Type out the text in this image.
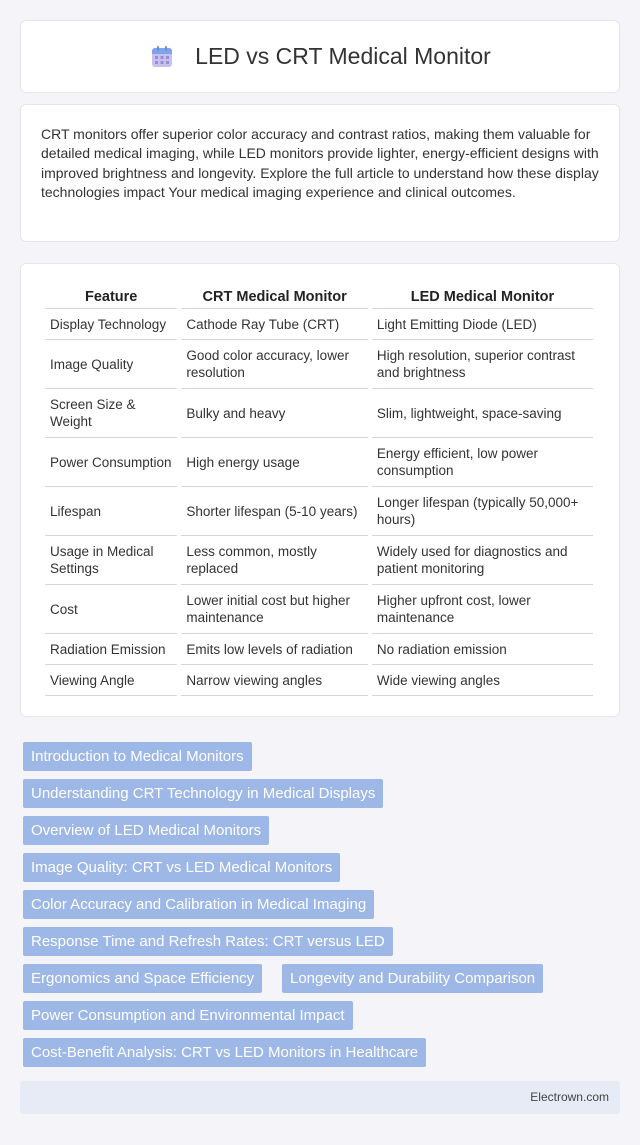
LED vs CRT Medical Monitor

CRT monitors offer superior color accuracy and contrast ratios, making them valuable for detailed medical imaging, while LED monitors provide lighter, energy-efficient designs with improved brightness and longevity. Explore the full article to understand how these display technologies impact Your medical imaging experience and clinical outcomes.

Feature	CRT Medical Monitor	LED Medical Monitor
Display Technology	Cathode Ray Tube (CRT)	Light Emitting Diode (LED)
Image Quality	Good color accuracy, lower resolution	High resolution, superior contrast and brightness
Screen Size & Weight	Bulky and heavy	Slim, lightweight, space-saving
Power Consumption	High energy usage	Energy efficient, low power consumption
Lifespan	Shorter lifespan (5-10 years)	Longer lifespan (typically 50,000+ hours)
Usage in Medical Settings	Less common, mostly replaced	Widely used for diagnostics and patient monitoring
Cost	Lower initial cost but higher maintenance	Higher upfront cost, lower maintenance
Radiation Emission	Emits low levels of radiation	No radiation emission
Viewing Angle	Narrow viewing angles	Wide viewing angles
Introduction to Medical Monitors
Understanding CRT Technology in Medical Displays
Overview of LED Medical Monitors
Image Quality: CRT vs LED Medical Monitors
Color Accuracy and Calibration in Medical Imaging
Response Time and Refresh Rates: CRT versus LED
Ergonomics and Space Efficiency	Longevity and Durability Comparison
Power Consumption and Environmental Impact
Cost-Benefit Analysis: CRT vs LED Monitors in Healthcare
Electrown.com
